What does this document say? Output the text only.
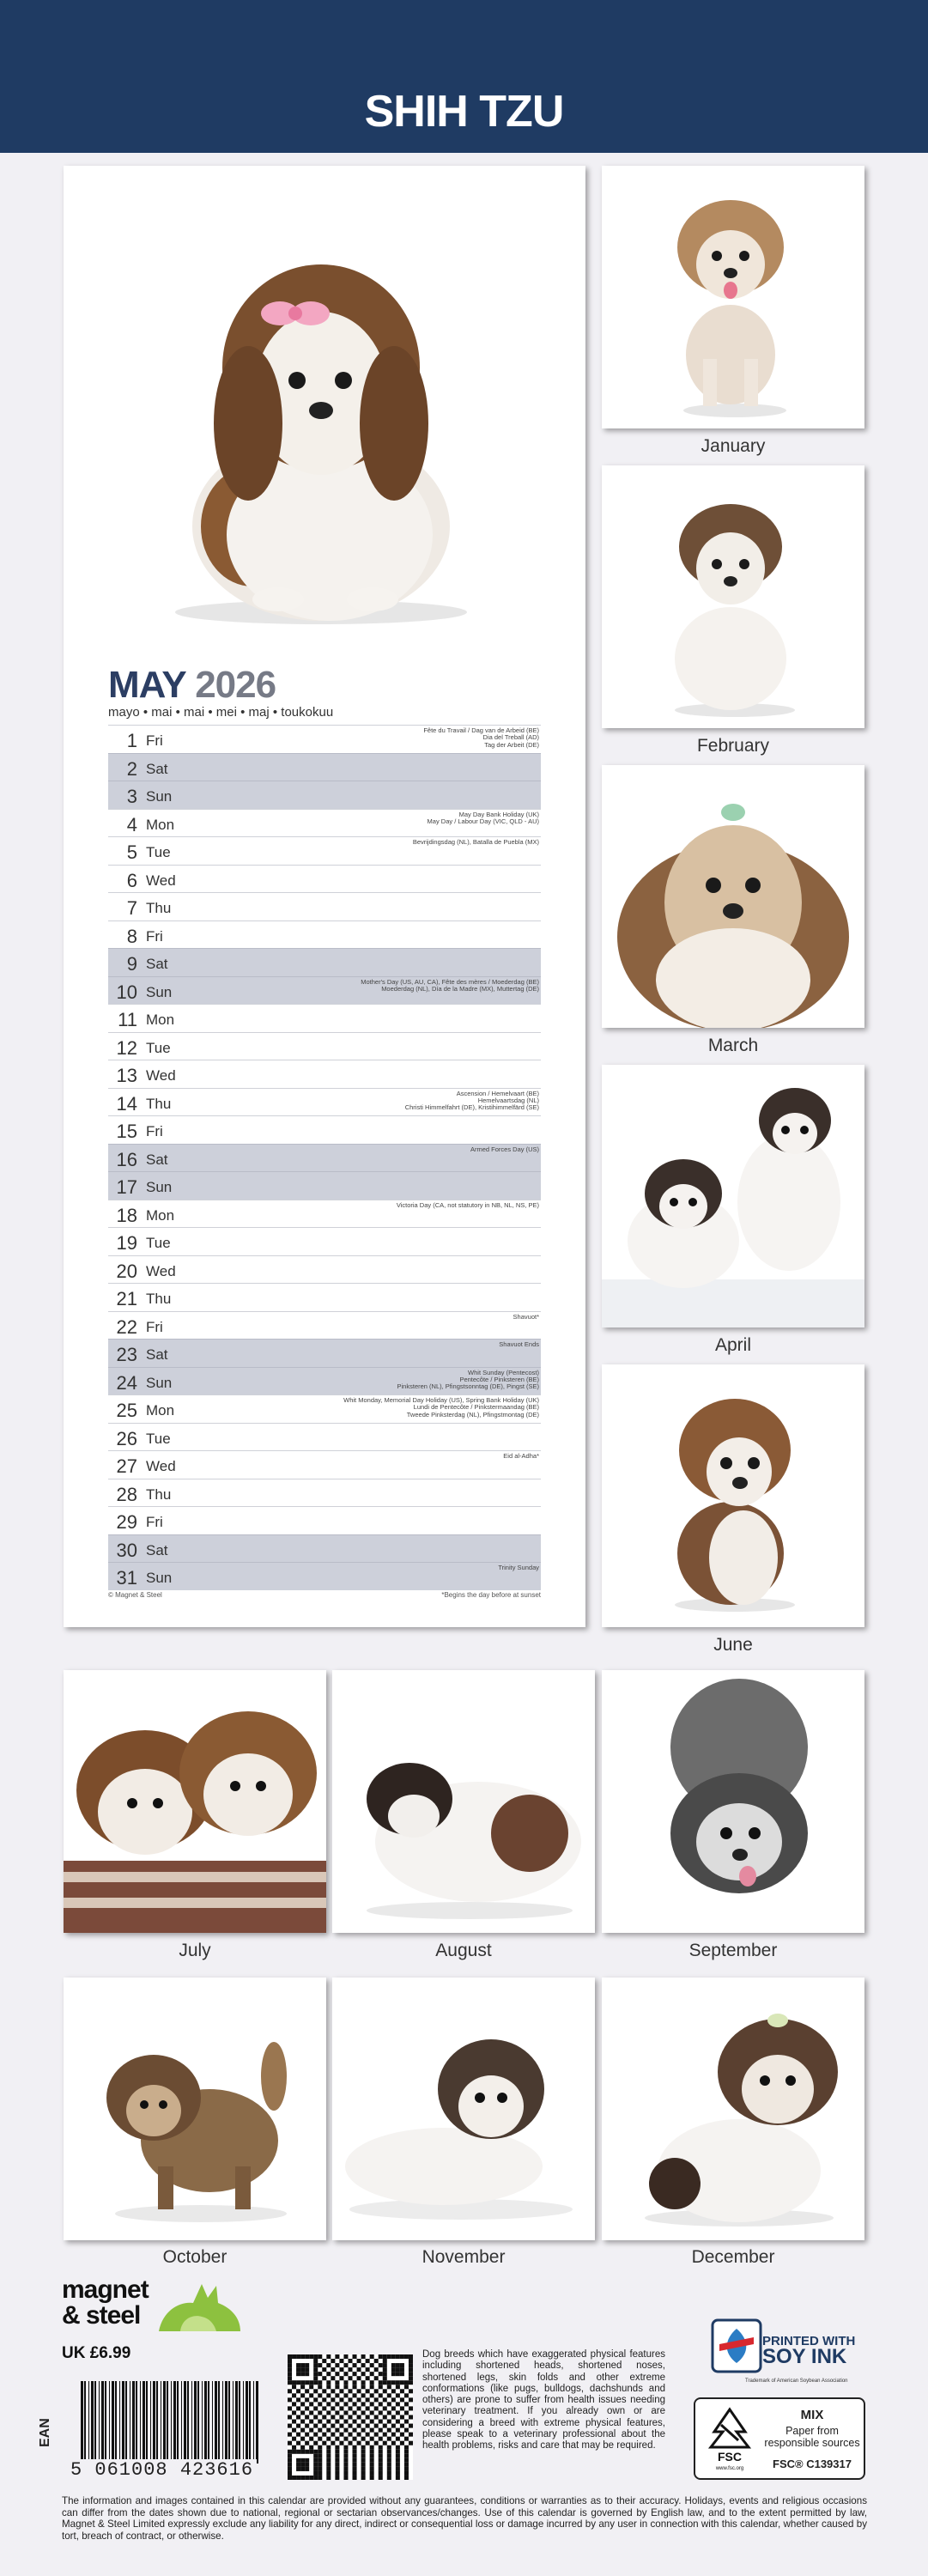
SHIH TZU
MAY 2026
mayo • mai • mai • mei • maj • toukokuu
1 Fri
Fête du Travail / Dag van de Arbeid (BE)
Dia del Treball (AD)
Tag der Arbeit (DE)
2 Sat
3 Sun
4 Mon
May Day Bank Holiday (UK)
May Day / Labour Day (VIC, QLD - AU)
5 Tue
Bevrijdingsdag (NL), Batalla de Puebla (MX)
6 Wed
7 Thu
8 Fri
9 Sat
10 Sun
Mother's Day (US, AU, CA), Fête des mères / Moederdag (BE)
Moederdag (NL), Día de la Madre (MX), Muttertag (DE)
11 Mon
12 Tue
13 Wed
14 Thu
Ascension / Hemelvaart (BE)
Hemelvaartsdag (NL)
Christi Himmelfahrt (DE), Kristihimmelfärd (SE)
15 Fri
16 Sat
Armed Forces Day (US)
17 Sun
18 Mon
Victoria Day (CA, not statutory in NB, NL, NS, PE)
19 Tue
20 Wed
21 Thu
22 Fri
Shavuot*
23 Sat
Shavuot Ends
24 Sun
Whit Sunday (Pentecost)
Pentecôte / Pinksteren (BE)
Pinksteren (NL), Pfingstsonntag (DE), Pingst (SE)
25 Mon
Whit Monday, Memorial Day Holiday (US), Spring Bank Holiday (UK)
Lundi de Pentecôte / Pinkstermaandag (BE)
Tweede Pinksterdag (NL), Pfingstmontag (DE)
26 Tue
27 Wed
Eid al-Adha*
28 Thu
29 Fri
30 Sat
31 Sun
Trinity Sunday
© Magnet & Steel	*Begins the day before at sunset
January
February
March
April
June
July	August	September
October	November	December
magnet
& steel
UK £6.99
EAN
5 061008 423616
Dog breeds which have exaggerated physical features including shortened heads, shortened noses, shortened legs, skin folds and other extreme conformations (like pugs, bulldogs, dachshunds and others) are prone to suffer from health issues needing veterinary treatment. If you already own or are considering a breed with extreme physical features, please speak to a veterinary professional about the health problems, risks and care that may be required.
PRINTED WITH
SOY INK
Trademark of American Soybean Association
FSC
www.fsc.org
MIX
Paper from responsible sources
FSC® C139317
The information and images contained in this calendar are provided without any guarantees, conditions or warranties as to their accuracy. Holidays, events and religious occasions can differ from the dates shown due to national, regional or sectarian observances/changes. Use of this calendar is governed by English law, and to the extent permitted by law, Magnet & Steel Limited expressly exclude any liability for any direct, indirect or consequential loss or damage incurred by any user in connection with this calendar, whether caused by tort, breach of contract, or otherwise.
